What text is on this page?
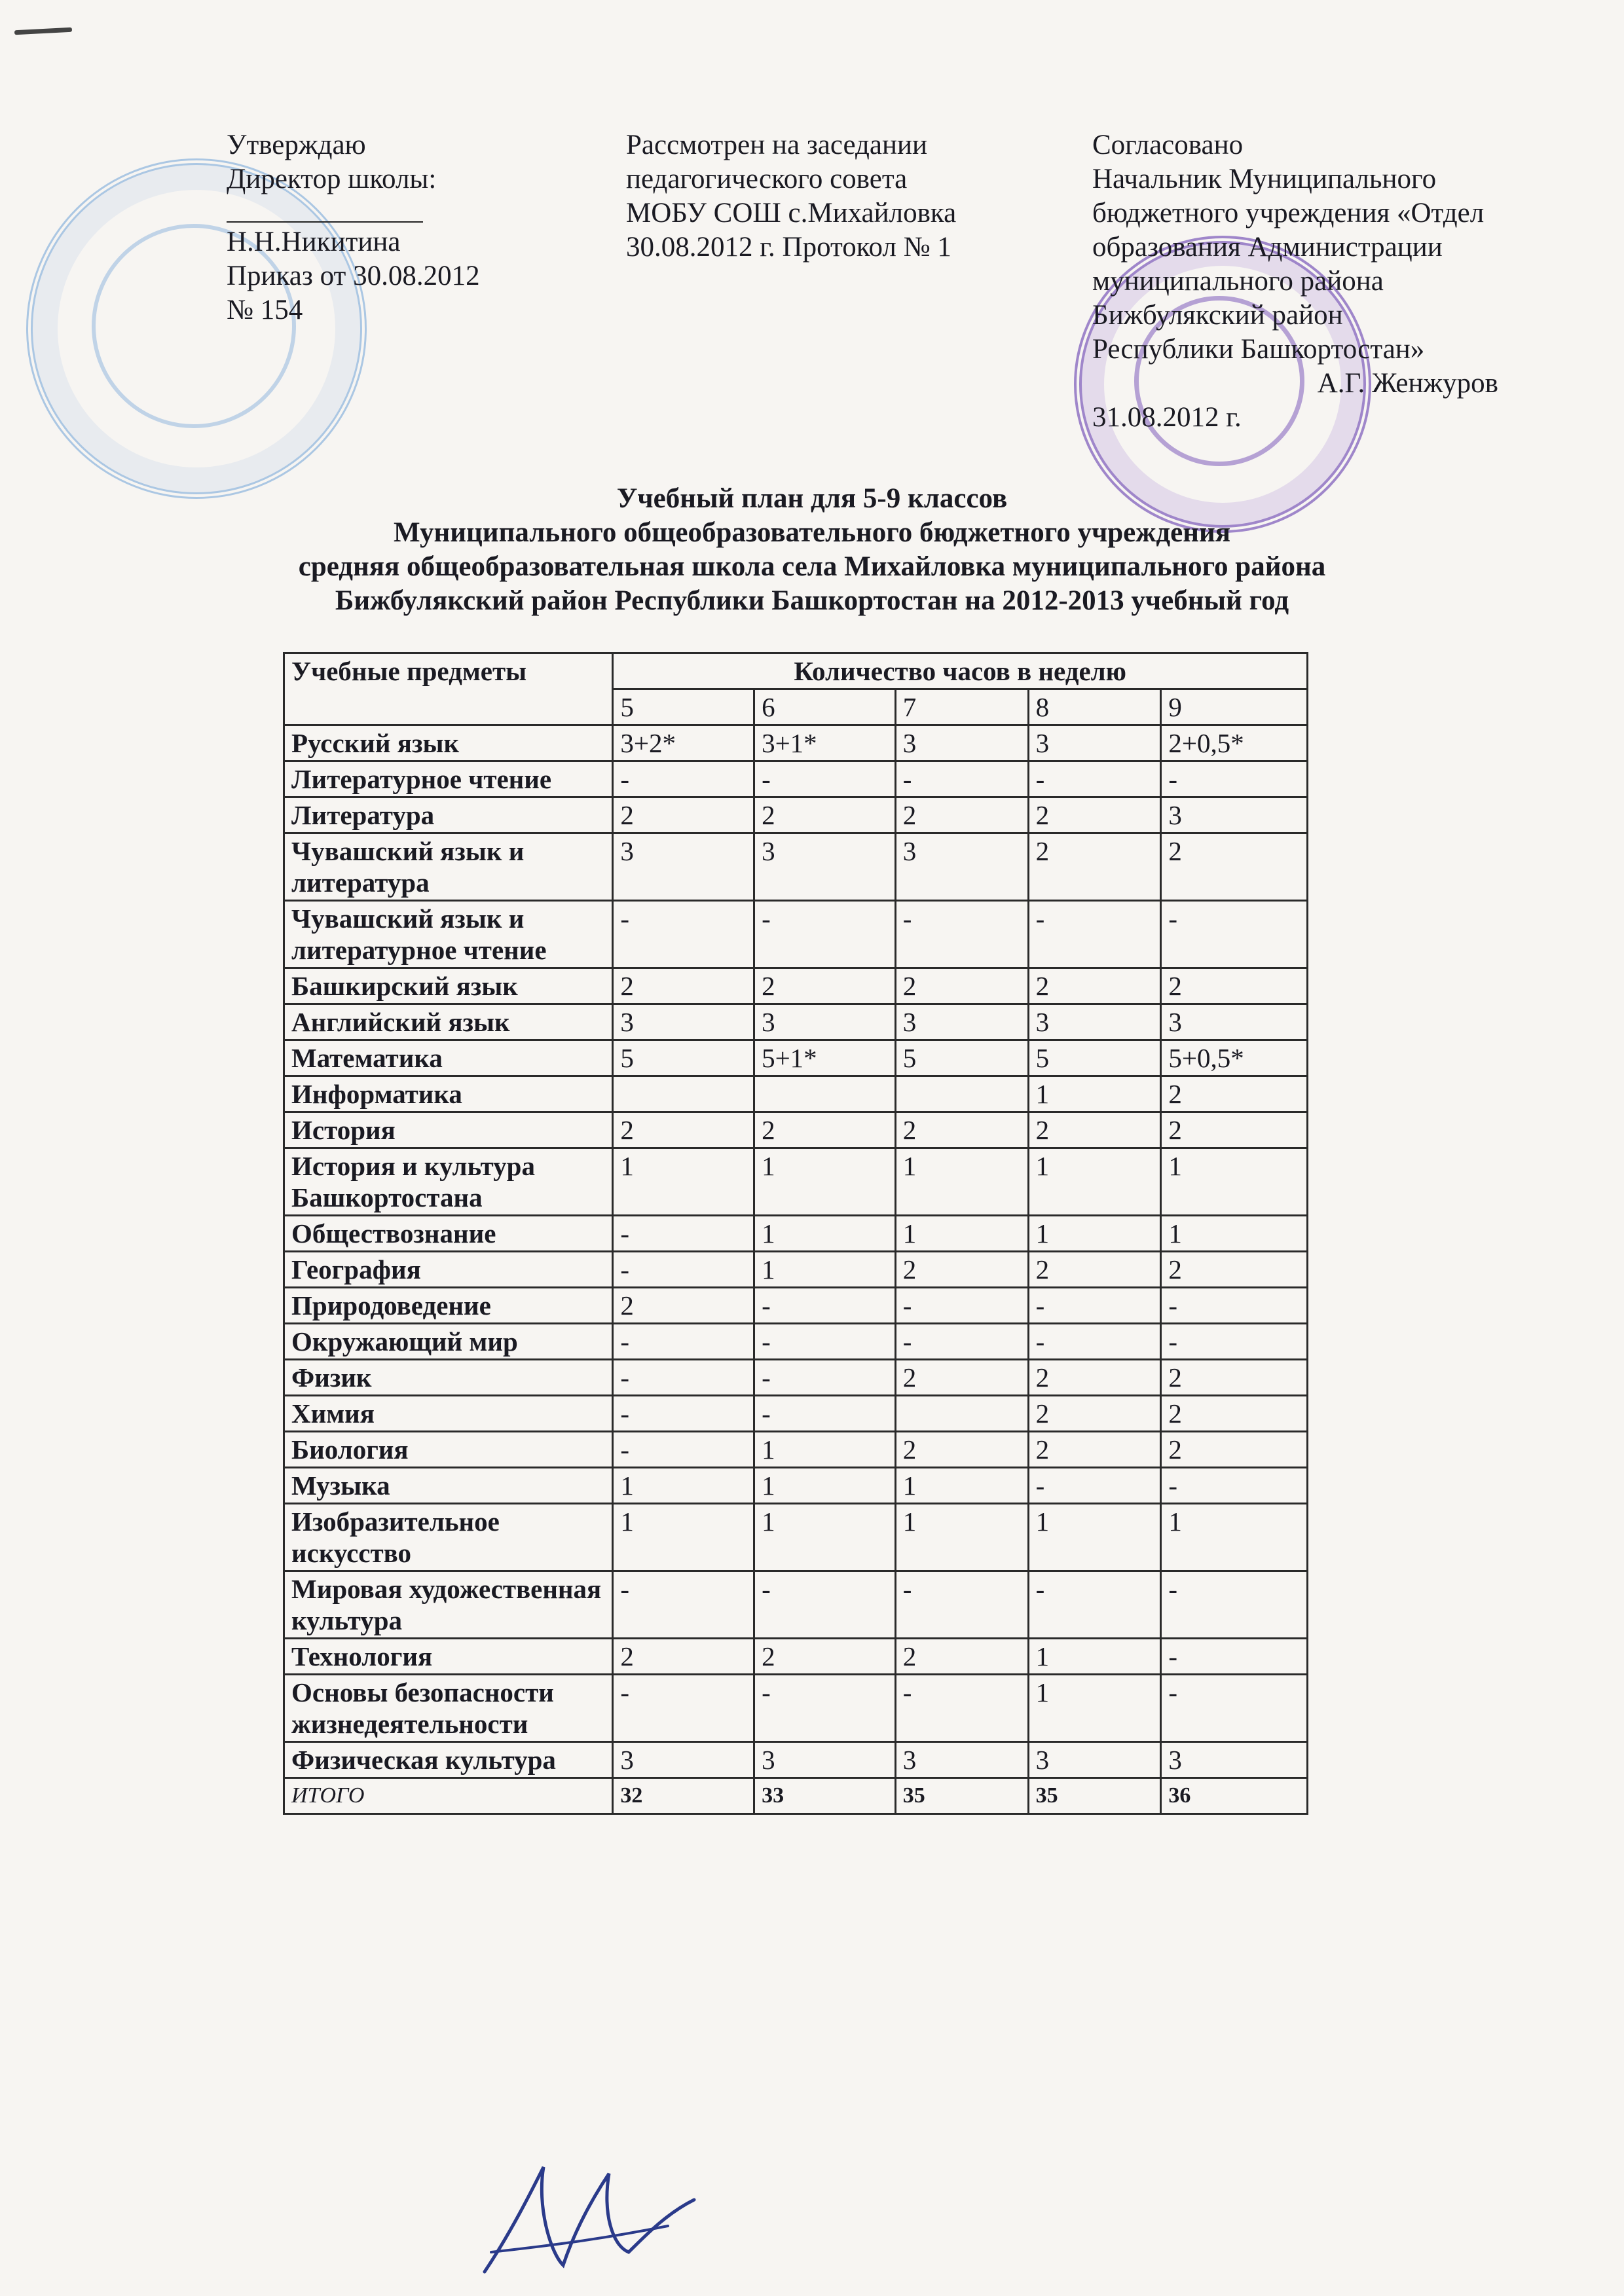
Утверждаю
Директор школы:
Н.Н.Никитина
Приказ от 30.08.2012
№ 154
Рассмотрен на заседании
педагогического совета
МОБУ СОШ с.Михайловка
30.08.2012 г. Протокол № 1
Согласовано
Начальник Муниципального
бюджетного учреждения «Отдел
образования Администрации
муниципального района
Бижбулякский район
Республики Башкортостан»
А.Г. Женжуров
31.08.2012 г.
Учебный план для 5-9 классов
Муниципального общеобразовательного бюджетного учреждения
средняя общеобразовательная школа села Михайловка муниципального района
Бижбулякский район Республики Башкортостан на 2012-2013 учебный год
Учебные предметы	Количество часов в неделю				
	5	6	7	8	9
Русский язык	3+2*	3+1*	3	3	2+0,5*
Литературное чтение	-	-	-	-	-
Литература	2	2	2	2	3
Чувашский язык и литература	3	3	3	2	2
Чувашский язык и литературное чтение	-	-	-	-	-
Башкирский язык	2	2	2	2	2
Английский язык	3	3	3	3	3
Математика	5	5+1*	5	5	5+0,5*
Информатика				1	2
История	2	2	2	2	2
История и культура Башкортостана	1	1	1	1	1
Обществознание	-	1	1	1	1
География	-	1	2	2	2
Природоведение	2	-	-	-	-
Окружающий мир	-	-	-	-	-
Физик	-	-	2	2	2
Химия	-	-		2	2
Биология	-	1	2	2	2
Музыка	1	1	1	-	-
Изобразительное искусство	1	1	1	1	1
Мировая художественная культура	-	-	-	-	-
Технология	2	2	2	1	-
Основы безопасности жизнедеятельности	-	-	-	1	-
Физическая культура	3	3	3	3	3
ИТОГО	32	33	35	35	36
